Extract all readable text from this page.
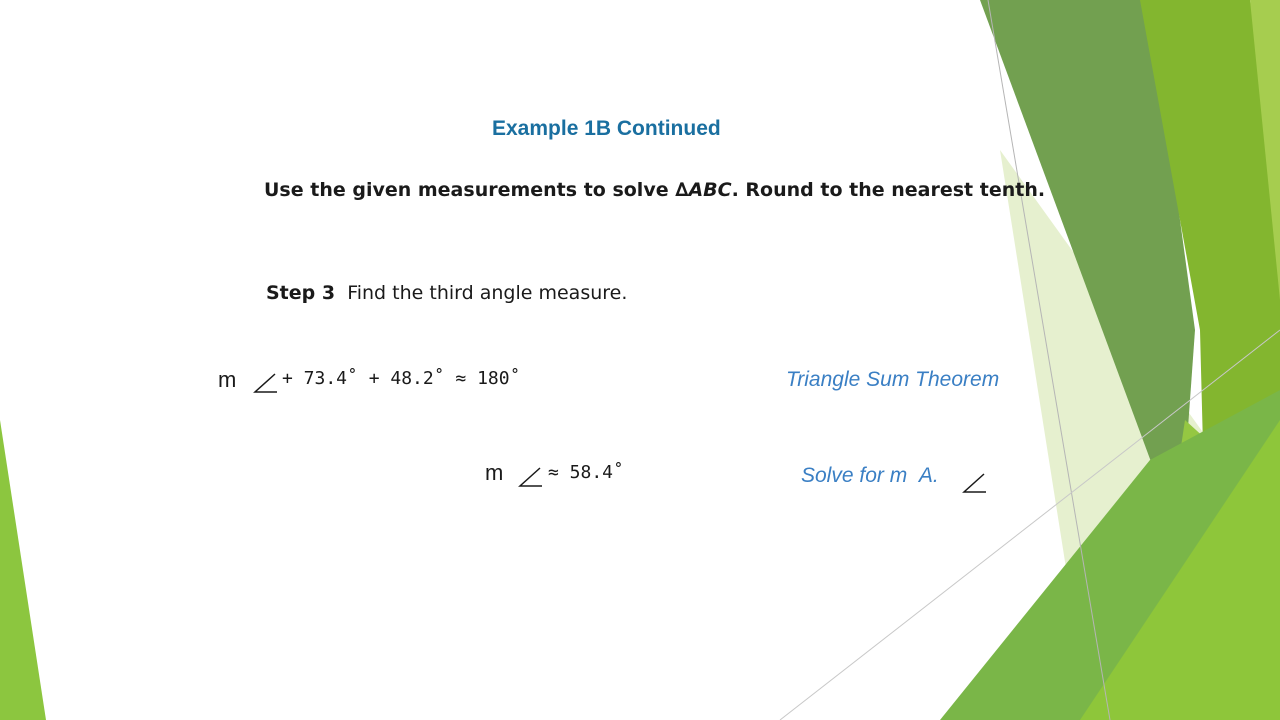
Example 1B Continued
Use the given measurements to solve ∆ABC. Round to the nearest tenth.
Step 3 Find the third angle measure.
m	+ 73.4˚ + 48.2˚ ≈ 180˚	Triangle Sum Theorem
m ≈ 58.4˚	Solve for m A.
